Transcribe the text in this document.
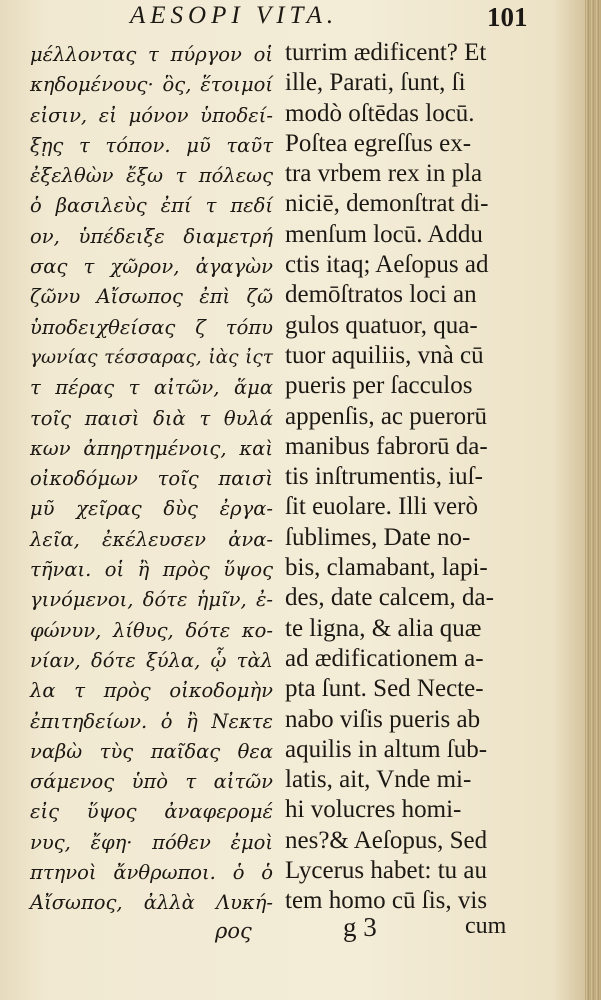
AESOPI VITA.	101
μέλλοντας τ πύργον οἱ
κηδομένους· ὃς, ἕτοιμοί
εἰσιν, εἰ μόνον ὑποδεί-
ξῃς τ τόπον. μῦ ταῦτ
ἐξελθὼν ἔξω τ πόλεως
ὁ βασιλεὺς ἐπί τ πεδί
ον, ὑπέδειξε διαμετρή
σας τ χῶρον, ἀγαγὼν
ζῶνυ Αἴσωπος ἐπὶ ζῶ
ὑποδειχθείσας ζ τόπυ
γωνίας τέσσαρας, ἰὰς ἰςτ
τ πέρας τ αἰτῶν, ἅμα
τοῖς παισὶ διὰ τ θυλά
κων ἀπηρτημένοις, καὶ
οἰκοδόμων τοῖς παισὶ
μῦ χεῖρας δὺς ἐργα-
λεῖα, ἐκέλευσεν ἀνα-
τῆναι. οἱ ἢ πρὸς ὕψος
γινόμενοι, δότε ἡμῖν, ἐ-
φώνυν, λίθυς, δότε κο-
νίαν, δότε ξύλα, ᾧ τὰλ
λα τ πρὸς οἰκοδομὴν
ἐπιτηδείων. ὁ ἢ Νεκτε
ναβὼ τὺς παῖδας θεα
σάμενος ὑπὸ τ αἰτῶν
εἰς ὕψος ἀναφερομέ
νυς, ἔφη· πόθεν ἐμοὶ
πτηνοὶ ἄνθρωποι. ὁ ὁ
Αἴσωπος, ἀλλὰ Λυκή-
turrim ædificent? Et
ille, Parati, ſunt, ſi
modò oſtēdas locū.
Poſtea egreſſus ex-
tra vrbem rex in pla
niciē, demonſtrat di-
menſum locū. Addu
ctis itaq; Aeſopus ad
demōſtratos loci an
gulos quatuor, qua-
tuor aquiliis, vnà cū
pueris per ſacculos
appenſis, ac puerorū
manibus fabrorū da-
tis inſtrumentis, iuſ-
ſit euolare. Illi verò
ſublimes, Date no-
bis, clamabant, lapi-
des, date calcem, da-
te ligna, & alia quæ
ad ædificationem a-
pta ſunt. Sed Necte-
nabo viſis pueris ab
aquilis in altum ſub-
latis, ait, Vnde mi-
hi volucres homi-
nes?& Aeſopus, Sed
Lycerus habet: tu au
tem homo cū ſis, vis
ρος	g 3	cum
